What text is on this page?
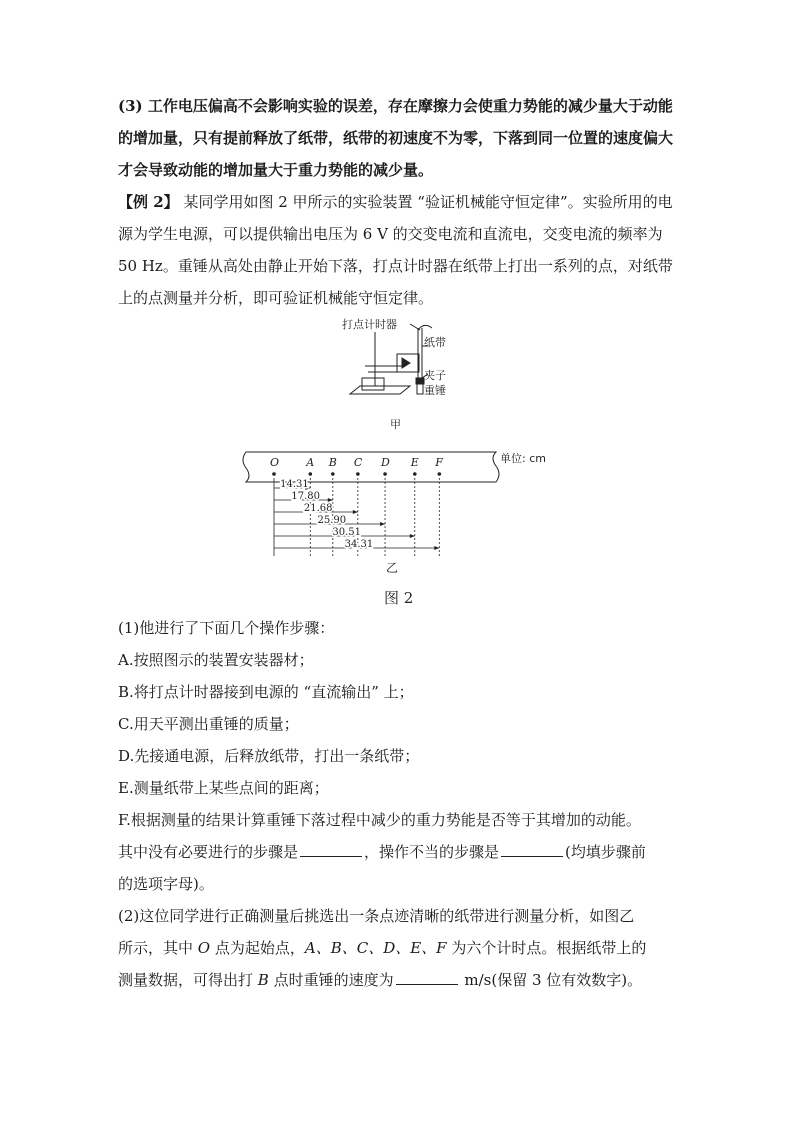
(3) 工作电压偏高不会影响实验的误差，存在摩擦力会使重力势能的减少量大于动能的增加量，只有提前释放了纸带，纸带的初速度不为零，下落到同一位置的速度偏大才会导致动能的增加量大于重力势能的减少量。

【例 2】 某同学用如图 2 甲所示的实验装置 “验证机械能守恒定律”。实验所用的电源为学生电源，可以提供输出电压为 6 V 的交变电流和直流电，交变电流的频率为 50 Hz。重锤从高处由静止开始下落，打点计时器在纸带上打出一系列的点，对纸带上的点测量并分析，即可验证机械能守恒定律。

打点计时器
纸带
夹子
重锤
甲
O A B C D E F
14.31
17.80
21.68
25.90
30.51
34.31
单位: cm
乙
图 2
(1)他进行了下面几个操作步骤：
A.按照图示的装置安装器材；
B.将打点计时器接到电源的 “直流输出” 上；
C.用天平测出重锤的质量；
D.先接通电源，后释放纸带，打出一条纸带；
E.测量纸带上某些点间的距离；
F.根据测量的结果计算重锤下落过程中减少的重力势能是否等于其增加的动能。
其中没有必要进行的步骤是	，操作不当的步骤是	(均填步骤前
的选项字母)。
(2)这位同学进行正确测量后挑选出一条点迹清晰的纸带进行测量分析，如图乙
所示，其中 O 点为起始点，A、B、C、D、E、F 为六个计时点。根据纸带上的
测量数据，可得出打 B 点时重锤的速度为	m/s(保留 3 位有效数字)。
